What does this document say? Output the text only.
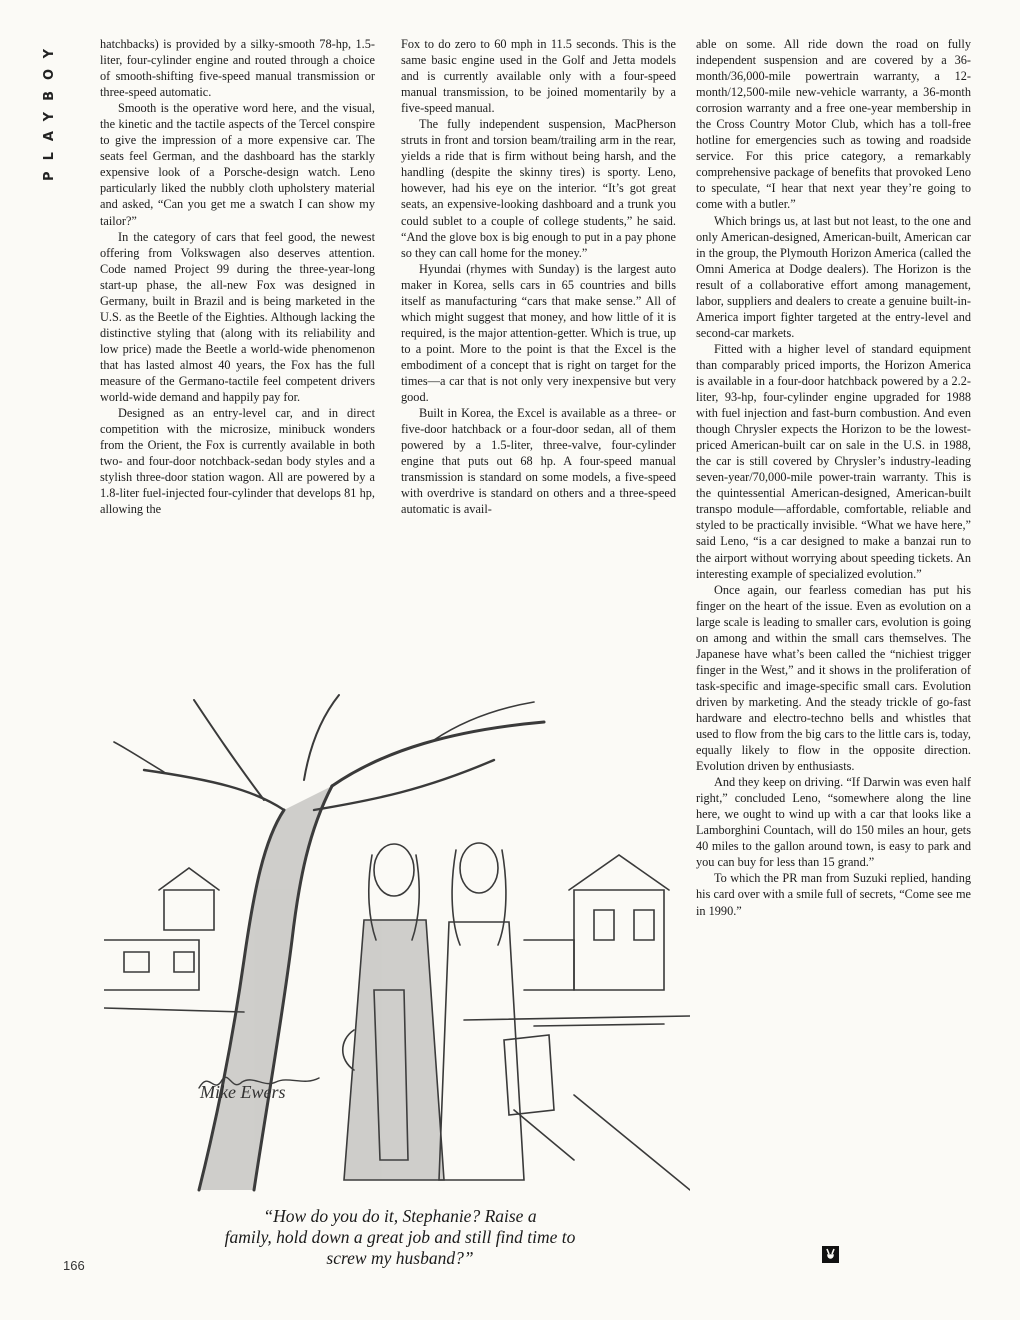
PLAYBOY	hatchbacks) is provided by a silky-smooth 78-hp, 1.5-liter, four-cylinder engine and routed through a choice of smooth-shifting five-speed manual transmission or three-speed automatic.

Smooth is the operative word here, and the visual, the kinetic and the tactile aspects of the Tercel conspire to give the impression of a more expensive car. The seats feel German, and the dashboard has the starkly expensive look of a Porsche-design watch. Leno particularly liked the nubbly cloth upholstery material and asked, “Can you get me a swatch I can show my tailor?”

In the category of cars that feel good, the newest offering from Volkswagen also deserves attention. Code named Project 99 during the three-year-long start-up phase, the all-new Fox was designed in Germany, built in Brazil and is being marketed in the U.S. as the Beetle of the Eighties. Although lacking the distinctive styling that (along with its reliability and low price) made the Beetle a world-wide phenomenon that has lasted almost 40 years, the Fox has the full measure of the Germano-tactile feel competent drivers world-wide demand and happily pay for.

Designed as an entry-level car, and in direct competition with the microsize, minibuck wonders from the Orient, the Fox is currently available in both two- and four-door notchback-sedan body styles and a stylish three-door station wagon. All are powered by a 1.8-liter fuel-injected four-cylinder that develops 81 hp, allowing the

Fox to do zero to 60 mph in 11.5 seconds. This is the same basic engine used in the Golf and Jetta models and is currently available only with a four-speed manual transmission, to be joined momentarily by a five-speed manual.

The fully independent suspension, MacPherson struts in front and torsion beam/trailing arm in the rear, yields a ride that is firm without being harsh, and the handling (despite the skinny tires) is sporty. Leno, however, had his eye on the interior. “It’s got great seats, an expensive-looking dashboard and a trunk you could sublet to a couple of college students,” he said. “And the glove box is big enough to put in a pay phone so they can call home for the money.”

Hyundai (rhymes with Sunday) is the largest auto maker in Korea, sells cars in 65 countries and bills itself as manufacturing “cars that make sense.” All of which might suggest that money, and how little of it is required, is the major attention-getter. Which is true, up to a point. More to the point is that the Excel is the embodiment of a concept that is right on target for the times—a car that is not only very inexpensive but very good.

Built in Korea, the Excel is available as a three- or five-door hatchback or a four-door sedan, all of them powered by a 1.5-liter, three-valve, four-cylinder engine that puts out 68 hp. A four-speed manual transmission is standard on some models, a five-speed with overdrive is standard on others and a three-speed automatic is avail-

able on some. All ride down the road on fully independent suspension and are covered by a 36-month/36,000-mile powertrain warranty, a 12-month/12,500-mile new-vehicle warranty, a 36-month corrosion warranty and a free one-year membership in the Cross Country Motor Club, which has a toll-free hotline for emergencies such as towing and roadside service. For this price category, a remarkably comprehensive package of benefits that provoked Leno to speculate, “I hear that next year they’re going to come with a butler.”

Which brings us, at last but not least, to the one and only American-designed, American-built, American car in the group, the Plymouth Horizon America (called the Omni America at Dodge dealers). The Horizon is the result of a collaborative effort among management, labor, suppliers and dealers to create a genuine built-in-America import fighter targeted at the entry-level and second-car markets.

Fitted with a higher level of standard equipment than comparably priced imports, the Horizon America is available in a four-door hatchback powered by a 2.2-liter, 93-hp, four-cylinder engine upgraded for 1988 with fuel injection and fast-burn combustion. And even though Chrysler expects the Horizon to be the lowest-priced American-built car on sale in the U.S. in 1988, the car is still covered by Chrysler’s industry-leading seven-year/70,000-mile power-train warranty. This is the quintessential American-designed, American-built transpo module—affordable, comfortable, reliable and styled to be practically invisible. “What we have here,” said Leno, “is a car designed to make a banzai run to the airport without worrying about speeding tickets. An interesting example of specialized evolution.”

Once again, our fearless comedian has put his finger on the heart of the issue. Even as evolution on a large scale is leading to smaller cars, evolution is going on among and within the small cars themselves. The Japanese have what’s been called the “nichiest trigger finger in the West,” and it shows in the proliferation of task-specific and image-specific small cars. Evolution driven by marketing. And the steady trickle of go-fast hardware and electro-techno bells and whistles that used to flow from the big cars to the little cars is, today, equally likely to flow in the opposite direction. Evolution driven by enthusiasts.

And they keep on driving. “If Darwin was even half right,” concluded Leno, “somewhere along the line here, we ought to wind up with a car that looks like a Lamborghini Countach, will do 150 miles an hour, gets 40 miles to the gallon around town, is easy to park and you can buy for less than 15 grand.”

To which the PR man from Suzuki replied, handing his card over with a smile full of secrets, “Come see me in 1990.”

Mike Ewers
“How do you do it, Stephanie? Raise a
family, hold down a great job and still find time to
screw my husband?”
166
